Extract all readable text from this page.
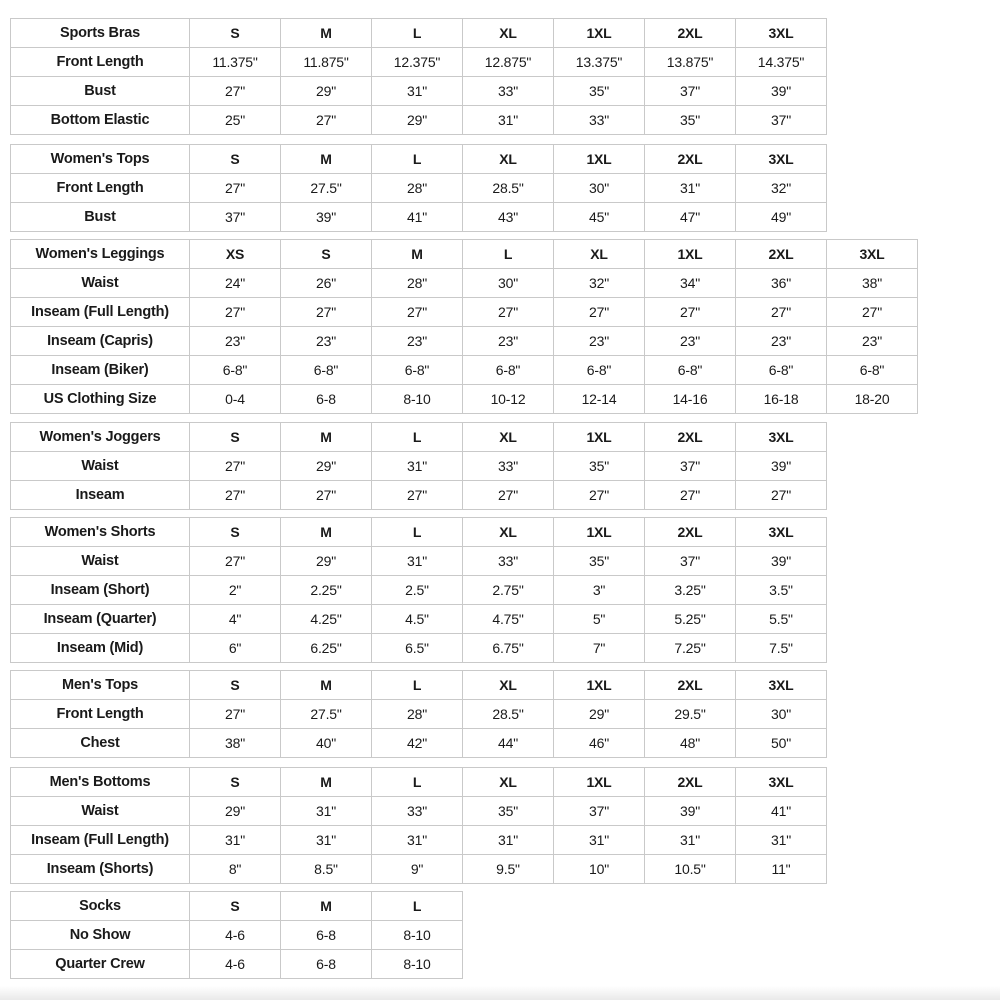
Sports Bras	S	M	L	XL	1XL	2XL	3XL
Front Length	11.375"	11.875"	12.375"	12.875"	13.375"	13.875"	14.375"
Bust	27"	29"	31"	33"	35"	37"	39"
Bottom Elastic	25"	27"	29"	31"	33"	35"	37"
Women's Tops	S	M	L	XL	1XL	2XL	3XL
Front Length	27"	27.5"	28"	28.5"	30"	31"	32"
Bust	37"	39"	41"	43"	45"	47"	49"
Women's Leggings	XS	S	M	L	XL	1XL	2XL	3XL
Waist	24"	26"	28"	30"	32"	34"	36"	38"
Inseam (Full Length)	27"	27"	27"	27"	27"	27"	27"	27"
Inseam (Capris)	23"	23"	23"	23"	23"	23"	23"	23"
Inseam (Biker)	6-8"	6-8"	6-8"	6-8"	6-8"	6-8"	6-8"	6-8"
US Clothing Size	0-4	6-8	8-10	10-12	12-14	14-16	16-18	18-20
Women's Joggers	S	M	L	XL	1XL	2XL	3XL
Waist	27"	29"	31"	33"	35"	37"	39"
Inseam	27"	27"	27"	27"	27"	27"	27"
Women's Shorts	S	M	L	XL	1XL	2XL	3XL
Waist	27"	29"	31"	33"	35"	37"	39"
Inseam (Short)	2"	2.25"	2.5"	2.75"	3"	3.25"	3.5"
Inseam (Quarter)	4"	4.25"	4.5"	4.75"	5"	5.25"	5.5"
Inseam (Mid)	6"	6.25"	6.5"	6.75"	7"	7.25"	7.5"
Men's Tops	S	M	L	XL	1XL	2XL	3XL
Front Length	27"	27.5"	28"	28.5"	29"	29.5"	30"
Chest	38"	40"	42"	44"	46"	48"	50"
Men's Bottoms	S	M	L	XL	1XL	2XL	3XL
Waist	29"	31"	33"	35"	37"	39"	41"
Inseam (Full Length)	31"	31"	31"	31"	31"	31"	31"
Inseam (Shorts)	8"	8.5"	9"	9.5"	10"	10.5"	11"
Socks	S	M	L
No Show	4-6	6-8	8-10
Quarter Crew	4-6	6-8	8-10
